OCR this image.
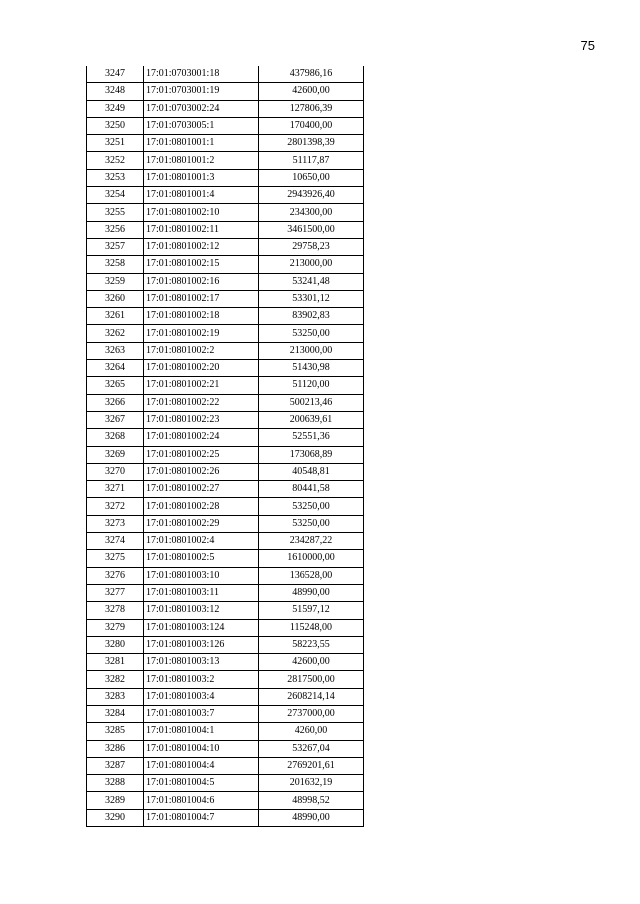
75
3247	17:01:0703001:18	437986,16
3248	17:01:0703001:19	42600,00
3249	17:01:0703002:24	127806,39
3250	17:01:0703005:1	170400,00
3251	17:01:0801001:1	2801398,39
3252	17:01:0801001:2	51117,87
3253	17:01:0801001:3	10650,00
3254	17:01:0801001:4	2943926,40
3255	17:01:0801002:10	234300,00
3256	17:01:0801002:11	3461500,00
3257	17:01:0801002:12	29758,23
3258	17:01:0801002:15	213000,00
3259	17:01:0801002:16	53241,48
3260	17:01:0801002:17	53301,12
3261	17:01:0801002:18	83902,83
3262	17:01:0801002:19	53250,00
3263	17:01:0801002:2	213000,00
3264	17:01:0801002:20	51430,98
3265	17:01:0801002:21	51120,00
3266	17:01:0801002:22	500213,46
3267	17:01:0801002:23	200639,61
3268	17:01:0801002:24	52551,36
3269	17:01:0801002:25	173068,89
3270	17:01:0801002:26	40548,81
3271	17:01:0801002:27	80441,58
3272	17:01:0801002:28	53250,00
3273	17:01:0801002:29	53250,00
3274	17:01:0801002:4	234287,22
3275	17:01:0801002:5	1610000,00
3276	17:01:0801003:10	136528,00
3277	17:01:0801003:11	48990,00
3278	17:01:0801003:12	51597,12
3279	17:01:0801003:124	115248,00
3280	17:01:0801003:126	58223,55
3281	17:01:0801003:13	42600,00
3282	17:01:0801003:2	2817500,00
3283	17:01:0801003:4	2608214,14
3284	17:01:0801003:7	2737000,00
3285	17:01:0801004:1	4260,00
3286	17:01:0801004:10	53267,04
3287	17:01:0801004:4	2769201,61
3288	17:01:0801004:5	201632,19
3289	17:01:0801004:6	48998,52
3290	17:01:0801004:7	48990,00
